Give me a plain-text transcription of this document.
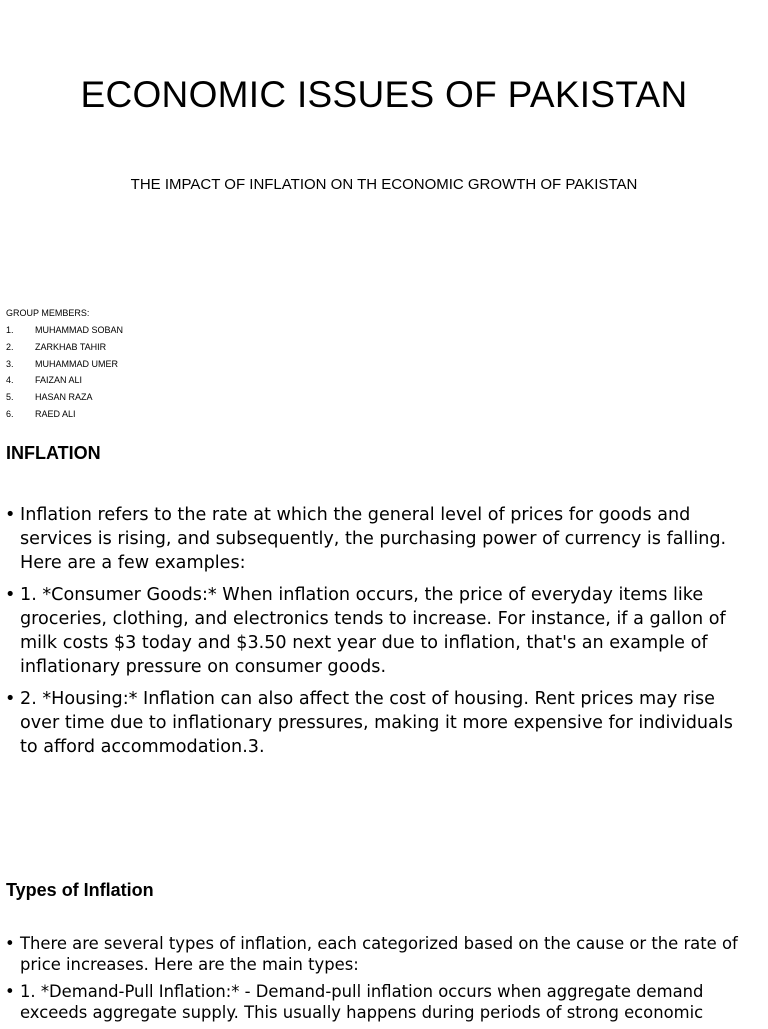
ECONOMIC ISSUES OF PAKISTAN
THE IMPACT OF INFLATION ON TH ECONOMIC GROWTH OF PAKISTAN
GROUP MEMBERS:
1.	MUHAMMAD SOBAN
2.	ZARKHAB TAHIR
3.	MUHAMMAD UMER
4.	FAIZAN ALI
5.	HASAN RAZA
6.	RAED ALI
INFLATION
• Inflation refers to the rate at which the general level of prices for goods and services is rising, and subsequently, the purchasing power of currency is falling. Here are a few examples:
• 1. *Consumer Goods:* When inflation occurs, the price of everyday items like groceries, clothing, and electronics tends to increase. For instance, if a gallon of milk costs $3 today and $3.50 next year due to inflation, that's an example of inflationary pressure on consumer goods.
• 2. *Housing:* Inflation can also affect the cost of housing. Rent prices may rise over time due to inflationary pressures, making it more expensive for individuals to afford accommodation.3.
Types of Inflation
• There are several types of inflation, each categorized based on the cause or the rate of price increases. Here are the main types:
• 1. *Demand-Pull Inflation:* - Demand-pull inflation occurs when aggregate demand exceeds aggregate supply. This usually happens during periods of strong economic
